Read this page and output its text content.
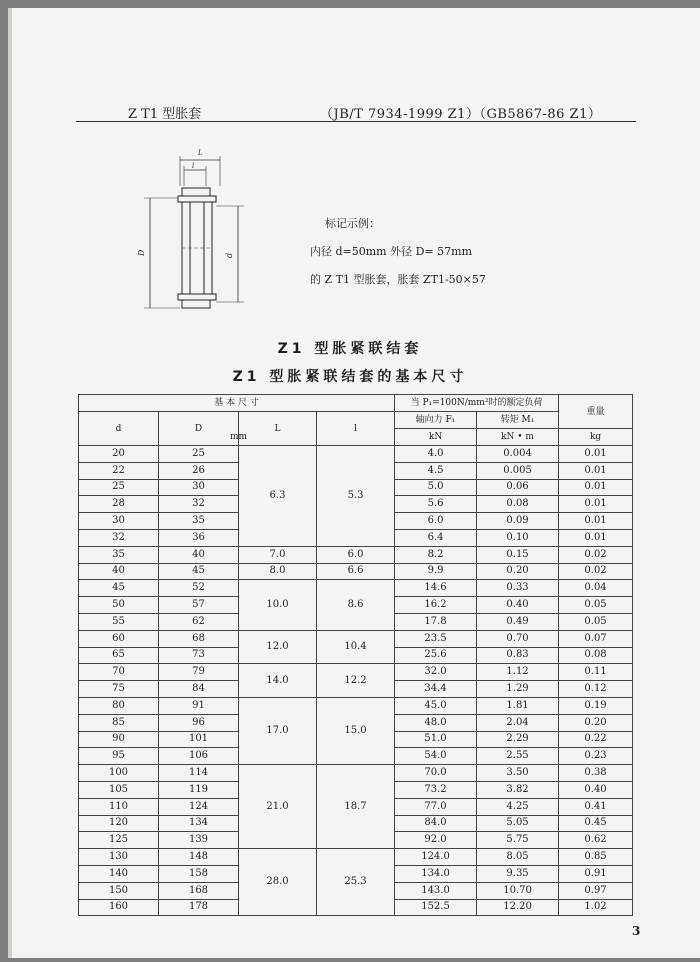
Z T1 型胀套	（JB/T 7934-1999 Z1）（GB5867-86 Z1）
L
l
D	d
标记示例：
内径 d=50mm 外径 D= 57mm
的 Z T1 型胀套，胀套 ZT1-50×57
Z1 型胀紧联结套
Z1 型胀紧联结套的基本尺寸
基 本 尺 寸				当 P₁=100N/mm²时的额定负荷		重量
d	D	L	l	轴向力 F₁	转矩 M₁	
				kN	kN • m	kg
20	25	6.3	5.3	4.0	0.004	0.01
22	26			4.5	0.005	0.01
25	30			5.0	0.06	0.01
28	32			5.6	0.08	0.01
30	35			6.0	0.09	0.01
32	36			6.4	0.10	0.01
35	40	7.0	6.0	8.2	0.15	0.02
40	45	8.0	6.6	9.9	0.20	0.02
45	52	10.0	8.6	14.6	0.33	0.04
50	57			16.2	0.40	0.05
55	62			17.8	0.49	0.05
60	68	12.0	10.4	23.5	0.70	0.07
65	73			25.6	0.83	0.08
70	79	14.0	12.2	32.0	1.12	0.11
75	84			34.4	1.29	0.12
80	91	17.0	15.0	45.0	1.81	0.19
85	96			48.0	2.04	0.20
90	101			51.0	2.29	0.22
95	106			54.0	2.55	0.23
100	114	21.0	18.7	70.0	3.50	0.38
105	119			73.2	3.82	0.40
110	124			77.0	4.25	0.41
120	134			84.0	5.05	0.45
125	139			92.0	5.75	0.62
130	148	28.0	25.3	124.0	8.05	0.85
140	158			134.0	9.35	0.91
150	168			143.0	10.70	0.97
160	178			152.5	12.20	1.02
3
mm
